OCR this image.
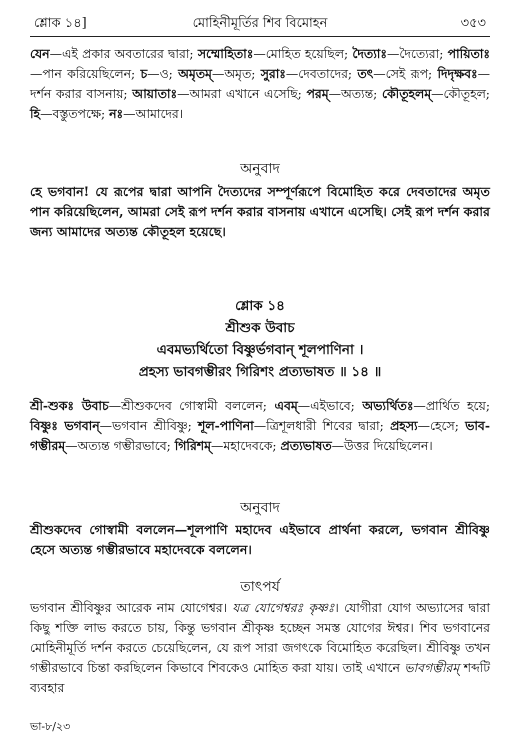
শ্লোক ১৪]	মোহিনীমূর্তির শিব বিমোহন	৩৫৩
যেন—এই প্রকার অবতারের দ্বারা; সম্মোহিতাঃ—মোহিত হয়েছিল; দৈত্যাঃ—দৈত্যেরা; পায়িতাঃ—পান করিয়েছিলেন; চ—ও; অমৃতম্—অমৃত; সুরাঃ—দেবতাদের; তৎ—সেই রূপ; দিদৃক্ষবঃ—দর্শন করার বাসনায়; আয়াতাঃ—আমরা এখানে এসেছি; পরম্—অত্যন্ত; কৌতূহলম্—কৌতূহল; হি—বস্তুতপক্ষে; নঃ—আমাদের।
অনুবাদ
হে ভগবান! যে রূপের দ্বারা আপনি দৈত্যদের সম্পূর্ণরূপে বিমোহিত করে দেবতাদের অমৃত পান করিয়েছিলেন, আমরা সেই রূপ দর্শন করার বাসনায় এখানে এসেছি। সেই রূপ দর্শন করার জন্য আমাদের অত্যন্ত কৌতূহল হয়েছে।
শ্লোক ১৪
শ্রীশুক উবাচ
এবমভ্যর্থিতো বিষ্ণুর্ভগবান্ শূলপাণিনা ।
প্রহস্য ভাবগম্ভীরং গিরিশং প্রত্যভাষত ॥ ১৪ ॥
শ্রী-শুকঃ উবাচ—শ্রীশুকদেব গোস্বামী বললেন; এবম্—এইভাবে; অভ্যর্থিতঃ—প্রার্থিত হয়ে; বিষ্ণুঃ ভগবান্—ভগবান শ্রীবিষ্ণু; শূল-পাণিনা—ত্রিশূলধারী শিবের দ্বারা; প্রহস্য—হেসে; ভাব-গম্ভীরম্—অত্যন্ত গম্ভীরভাবে; গিরিশম্—মহাদেবকে; প্রত্যভাষত—উত্তর দিয়েছিলেন।
অনুবাদ
শ্রীশুকদেব গোস্বামী বললেন—শূলপাণি মহাদেব এইভাবে প্রার্থনা করলে, ভগবান শ্রীবিষ্ণু হেসে অত্যন্ত গম্ভীরভাবে মহাদেবকে বললেন।
তাৎপর্য
ভগবান শ্রীবিষ্ণুর আরেক নাম যোগেশ্বর। যত্র যোগেশ্বরঃ কৃষ্ণঃ। যোগীরা যোগ অভ্যাসের দ্বারা কিছু শক্তি লাভ করতে চায়, কিন্তু ভগবান শ্রীকৃষ্ণ হচ্ছেন সমস্ত যোগের ঈশ্বর। শিব ভগবানের মোহিনীমূর্তি দর্শন করতে চেয়েছিলেন, যে রূপ সারা জগৎকে বিমোহিত করেছিল। শ্রীবিষ্ণু তখন গম্ভীরভাবে চিন্তা করছিলেন কিভাবে শিবকেও মোহিত করা যায়। তাই এখানে ভাবগম্ভীরম্ শব্দটি ব্যবহার
ভা-৮/২৩
